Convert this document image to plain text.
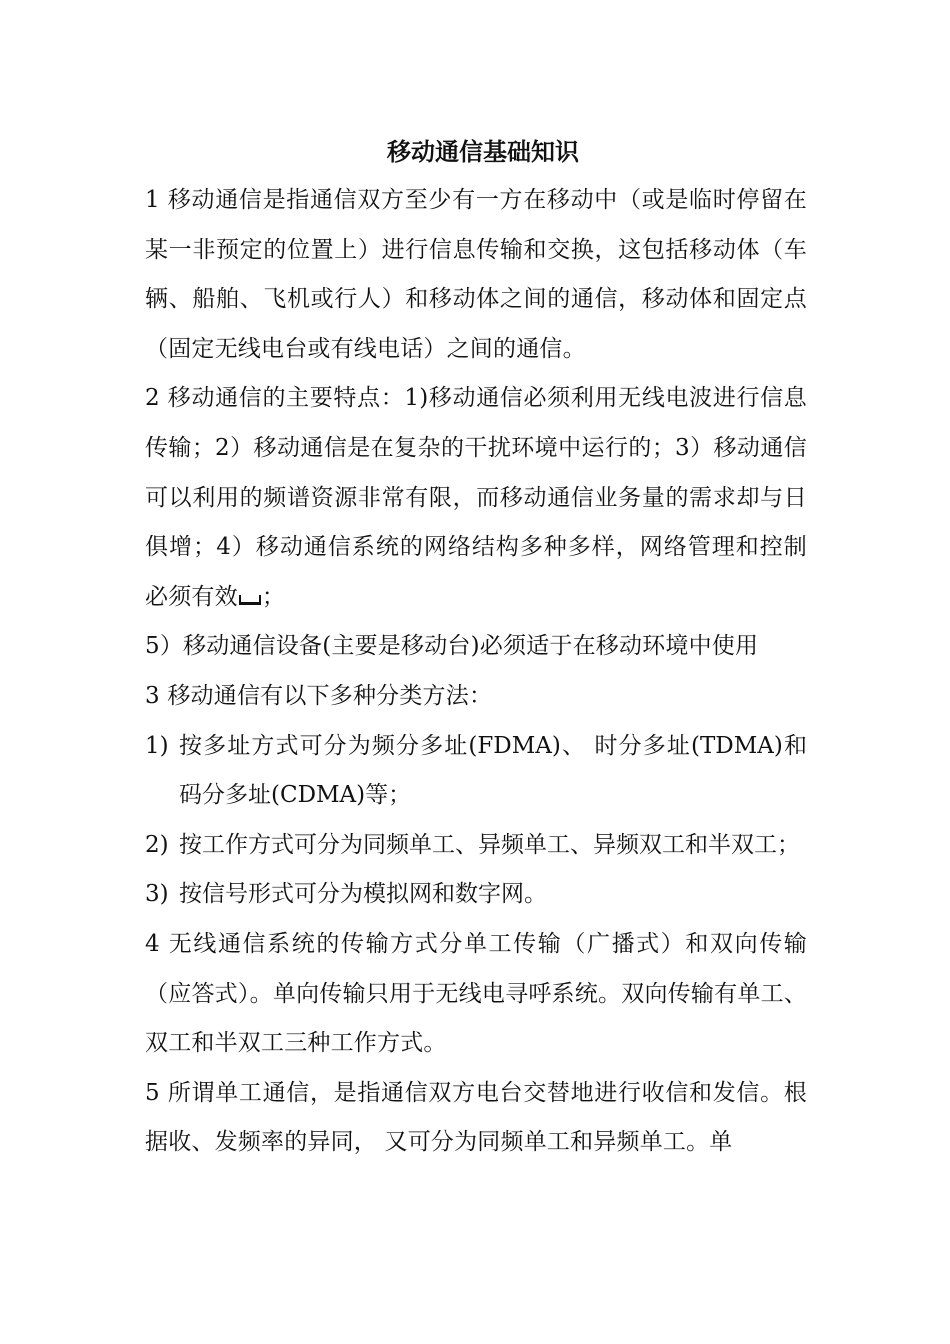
移动通信基础知识

1 移动通信是指通信双方至少有一方在移动中（或是临时停留在某一非预定的位置上）进行信息传输和交换，这包括移动体（车辆、船舶、飞机或行人）和移动体之间的通信，移动体和固定点（固定无线电台或有线电话）之间的通信。

2 移动通信的主要特点：1)移动通信必须利用无线电波进行信息传输；2）移动通信是在复杂的干扰环境中运行的；3）移动通信可以利用的频谱资源非常有限，而移动通信业务量的需求却与日俱增；4）移动通信系统的网络结构多种多样，网络管理和控制必须有效 ；

5）移动通信设备(主要是移动台)必须适于在移动环境中使用

3 移动通信有以下多种分类方法：

1) 按多址方式可分为频分多址(FDMA)、 时分多址(TDMA)和码分多址(CDMA)等；
2) 按工作方式可分为同频单工、异频单工、异频双工和半双工；
3) 按信号形式可分为模拟网和数字网。

4 无线通信系统的传输方式分单工传输（广播式）和双向传输（应答式）。单向传输只用于无线电寻呼系统。双向传输有单工、双工和半双工三种工作方式。

5 所谓单工通信，是指通信双方电台交替地进行收信和发信。根据收、发频率的异同， 又可分为同频单工和异频单工。单
